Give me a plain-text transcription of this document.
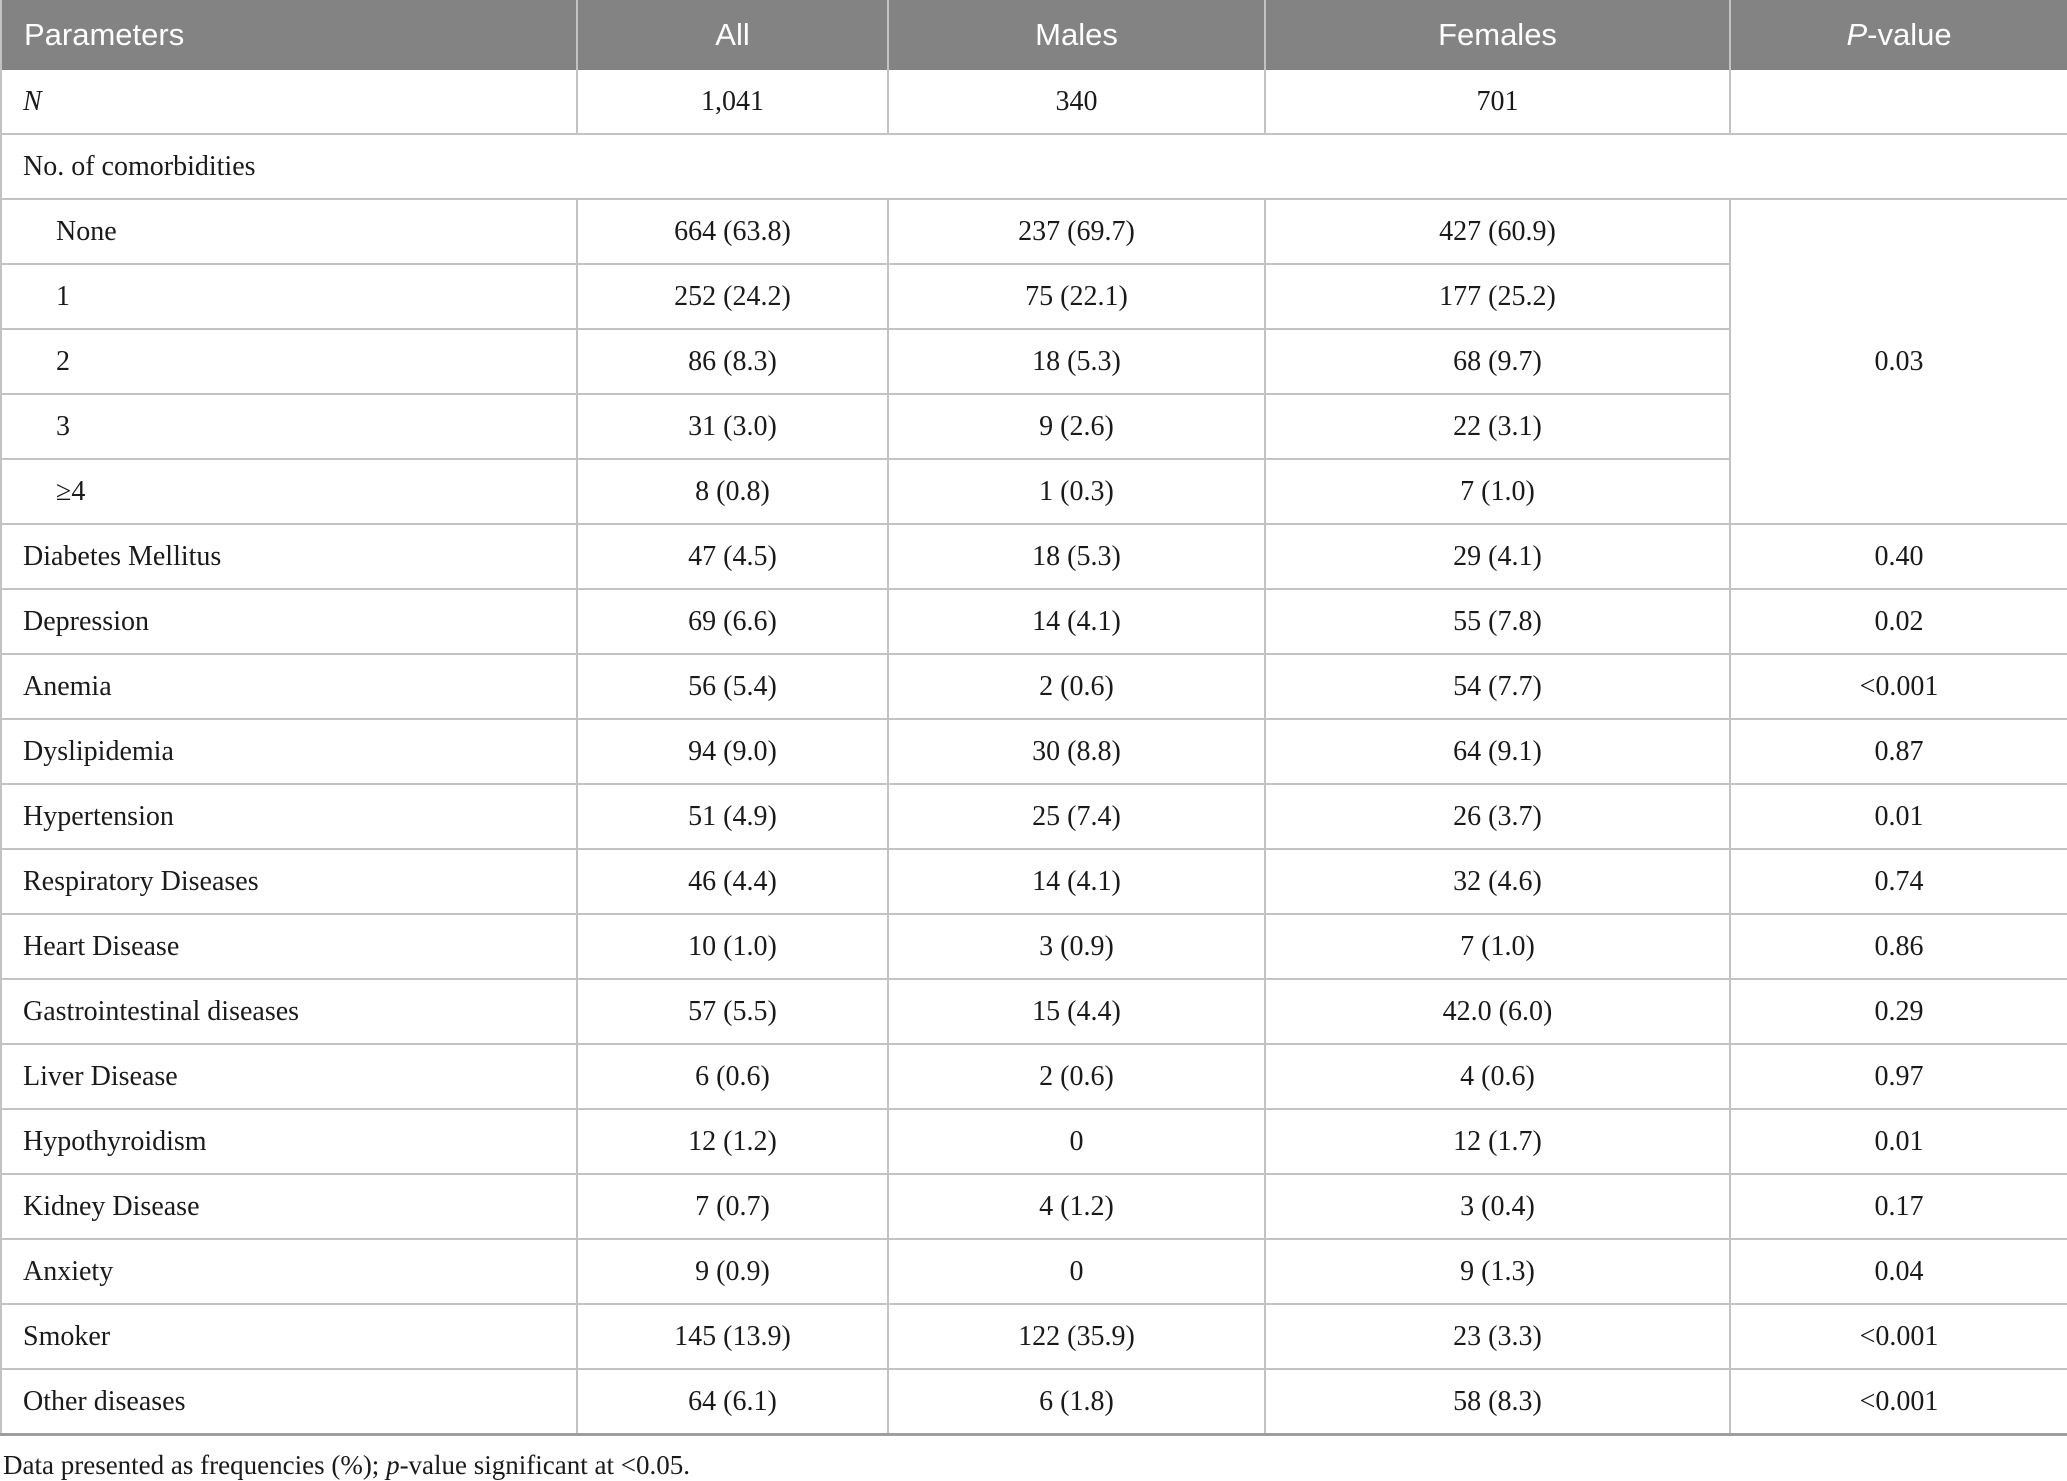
Parameters	All	Males	Females	P-value
N	1,041	340	701	
No. of comorbidities				
None	664 (63.8)	237 (69.7)	427 (60.9)	0.03
1	252 (24.2)	75 (22.1)	177 (25.2)	
2	86 (8.3)	18 (5.3)	68 (9.7)	
3	31 (3.0)	9 (2.6)	22 (3.1)	
≥4	8 (0.8)	1 (0.3)	7 (1.0)	
Diabetes Mellitus	47 (4.5)	18 (5.3)	29 (4.1)	0.40
Depression	69 (6.6)	14 (4.1)	55 (7.8)	0.02
Anemia	56 (5.4)	2 (0.6)	54 (7.7)	<0.001
Dyslipidemia	94 (9.0)	30 (8.8)	64 (9.1)	0.87
Hypertension	51 (4.9)	25 (7.4)	26 (3.7)	0.01
Respiratory Diseases	46 (4.4)	14 (4.1)	32 (4.6)	0.74
Heart Disease	10 (1.0)	3 (0.9)	7 (1.0)	0.86
Gastrointestinal diseases	57 (5.5)	15 (4.4)	42.0 (6.0)	0.29
Liver Disease	6 (0.6)	2 (0.6)	4 (0.6)	0.97
Hypothyroidism	12 (1.2)	0	12 (1.7)	0.01
Kidney Disease	7 (0.7)	4 (1.2)	3 (0.4)	0.17
Anxiety	9 (0.9)	0	9 (1.3)	0.04
Smoker	145 (13.9)	122 (35.9)	23 (3.3)	<0.001
Other diseases	64 (6.1)	6 (1.8)	58 (8.3)	<0.001
Data presented as frequencies (%); p-value significant at <0.05.
